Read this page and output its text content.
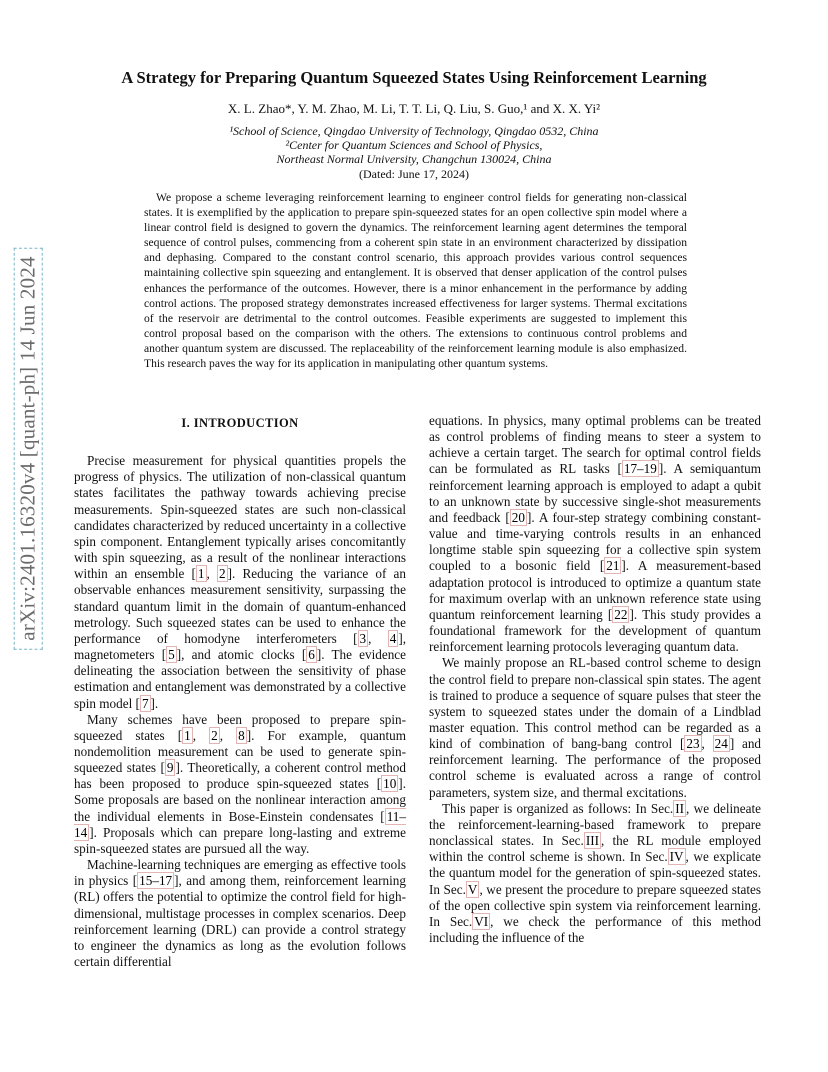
arXiv:2401.16320v4 [quant-ph] 14 Jun 2024
A Strategy for Preparing Quantum Squeezed States Using Reinforcement Learning
X. L. Zhao*, Y. M. Zhao, M. Li, T. T. Li, Q. Liu, S. Guo,¹ and X. X. Yi²
¹School of Science, Qingdao University of Technology, Qingdao 0532, China
²Center for Quantum Sciences and School of Physics,
Northeast Normal University, Changchun 130024, China
(Dated: June 17, 2024)
We propose a scheme leveraging reinforcement learning to engineer control fields for generating non-classical states. It is exemplified by the application to prepare spin-squeezed states for an open collective spin model where a linear control field is designed to govern the dynamics. The reinforcement learning agent determines the temporal sequence of control pulses, commencing from a coherent spin state in an environment characterized by dissipation and dephasing. Compared to the constant control scenario, this approach provides various control sequences maintaining collective spin squeezing and entanglement. It is observed that denser application of the control pulses enhances the performance of the outcomes. However, there is a minor enhancement in the performance by adding control actions. The proposed strategy demonstrates increased effectiveness for larger systems. Thermal excitations of the reservoir are detrimental to the control outcomes. Feasible experiments are suggested to implement this control proposal based on the comparison with the others. The extensions to continuous control problems and another quantum system are discussed. The replaceability of the reinforcement learning module is also emphasized. This research paves the way for its application in manipulating other quantum systems.
I. INTRODUCTION

Precise measurement for physical quantities propels the progress of physics. The utilization of non-classical quantum states facilitates the pathway towards achieving precise measurements. Spin-squeezed states are such non-classical candidates characterized by reduced uncertainty in a collective spin component. Entanglement typically arises concomitantly with spin squeezing, as a result of the nonlinear interactions within an ensemble [ 1 , 2 ]. Reducing the variance of an observable enhances measurement sensitivity, surpassing the standard quantum limit in the domain of quantum-enhanced metrology. Such squeezed states can be used to enhance the performance of homodyne interferometers [ 3 , 4 ], magnetometers [ 5 ], and atomic clocks [ 6 ]. The evidence delineating the association between the sensitivity of phase estimation and entanglement was demonstrated by a collective spin model [ 7 ].

Many schemes have been proposed to prepare spin-squeezed states [ 1 , 2 , 8 ]. For example, quantum nondemolition measurement can be used to generate spin-squeezed states [ 9 ]. Theoretically, a coherent control method has been proposed to produce spin-squeezed states [ 10 ]. Some proposals are based on the nonlinear interaction among the individual elements in Bose-Einstein condensates [ 11–14 ]. Proposals which can prepare long-lasting and extreme spin-squeezed states are pursued all the way.

Machine-learning techniques are emerging as effective tools in physics [ 15–17 ], and among them, reinforcement learning (RL) offers the potential to optimize the control field for high-dimensional, multistage processes in complex scenarios. Deep reinforcement learning (DRL) can provide a control strategy to engineer the dynamics as long as the evolution follows certain differential

equations. In physics, many optimal problems can be treated as control problems of finding means to steer a system to achieve a certain target. The search for optimal control fields can be formulated as RL tasks [ 17–19 ]. A semiquantum reinforcement learning approach is employed to adapt a qubit to an unknown state by successive single-shot measurements and feedback [ 20 ]. A four-step strategy combining constant-value and time-varying controls results in an enhanced longtime stable spin squeezing for a collective spin system coupled to a bosonic field [ 21 ]. A measurement-based adaptation protocol is introduced to optimize a quantum state for maximum overlap with an unknown reference state using quantum reinforcement learning [ 22 ]. This study provides a foundational framework for the development of quantum reinforcement learning protocols leveraging quantum data.

We mainly propose an RL-based control scheme to design the control field to prepare non-classical spin states. The agent is trained to produce a sequence of square pulses that steer the system to squeezed states under the domain of a Lindblad master equation. This control method can be regarded as a kind of combination of bang-bang control [ 23 , 24 ] and reinforcement learning. The performance of the proposed control scheme is evaluated across a range of control parameters, system size, and thermal excitations.

This paper is organized as follows: In Sec. II , we delineate the reinforcement-learning-based framework to prepare nonclassical states. In Sec. III , the RL module employed within the control scheme is shown. In Sec. IV , we explicate the quantum model for the generation of spin-squeezed states. In Sec. V , we present the procedure to prepare squeezed states of the open collective spin system via reinforcement learning. In Sec. VI , we check the performance of this method including the influence of the
